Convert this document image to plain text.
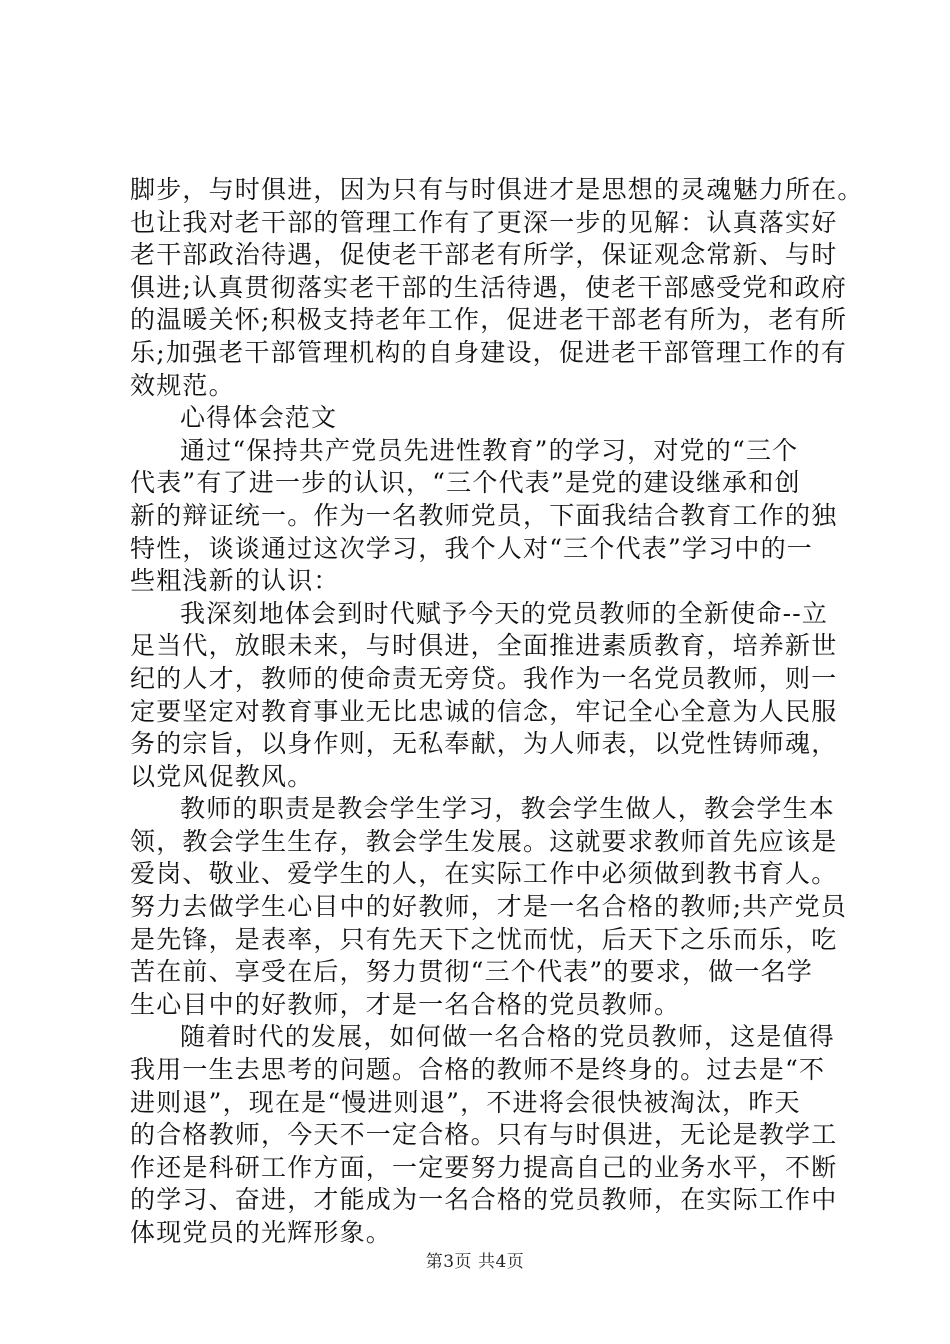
脚步，与时俱进，因为只有与时俱进才是思想的灵魂魅力所在。
也让我对老干部的管理工作有了更深一步的见解：认真落实好
老干部政治待遇，促使老干部老有所学，保证观念常新、与时
俱进;认真贯彻落实老干部的生活待遇，使老干部感受党和政府
的温暖关怀;积极支持老年工作，促进老干部老有所为，老有所
乐;加强老干部管理机构的自身建设，促进老干部管理工作的有
效规范。
心得体会范文
通过“保持共产党员先进性教育”的学习，对党的“三个
代表”有了进一步的认识，“三个代表”是党的建设继承和创
新的辩证统一。作为一名教师党员，下面我结合教育工作的独
特性，谈谈通过这次学习，我个人对“三个代表”学习中的一
些粗浅新的认识：
我深刻地体会到时代赋予今天的党员教师的全新使命--立
足当代，放眼未来，与时俱进，全面推进素质教育，培养新世
纪的人才，教师的使命责无旁贷。我作为一名党员教师，则一
定要坚定对教育事业无比忠诚的信念，牢记全心全意为人民服
务的宗旨，以身作则，无私奉献，为人师表，以党性铸师魂，
以党风促教风。
教师的职责是教会学生学习，教会学生做人，教会学生本
领，教会学生生存，教会学生发展。这就要求教师首先应该是
爱岗、敬业、爱学生的人，在实际工作中必须做到教书育人。
努力去做学生心目中的好教师，才是一名合格的教师;共产党员
是先锋，是表率，只有先天下之忧而忧，后天下之乐而乐，吃
苦在前、享受在后，努力贯彻“三个代表”的要求，做一名学
生心目中的好教师，才是一名合格的党员教师。
随着时代的发展，如何做一名合格的党员教师，这是值得
我用一生去思考的问题。合格的教师不是终身的。过去是“不
进则退”，现在是“慢进则退”，不进将会很快被淘汰，昨天
的合格教师，今天不一定合格。只有与时俱进，无论是教学工
作还是科研工作方面，一定要努力提高自己的业务水平，不断
的学习、奋进，才能成为一名合格的党员教师，在实际工作中
体现党员的光辉形象。
第3页 共4页
